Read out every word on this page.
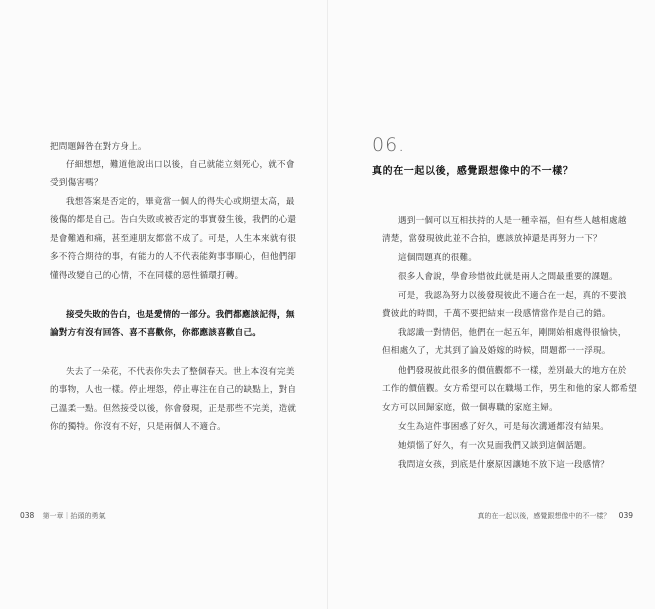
把問題歸咎在對方身上。

仔細想想，難道他說出口以後，自己就能立刻死心，就不會

受到傷害嗎？

我想答案是否定的，畢竟當一個人的得失心或期望太高，最

後傷的都是自己。告白失敗或被否定的事實發生後，我們的心還
是會難過和痛，甚至連朋友都當不成了。可是，人生本來就有很
多不符合期待的事，有能力的人不代表能夠事事順心，但他們卻
懂得改變自己的心情，不在同樣的惡性循環打轉。

接受失敗的告白，也是愛情的一部分。我們都應該記得，無

論對方有沒有回答、喜不喜歡你，你都應該喜歡自己。

失去了一朵花，不代表你失去了整個春天。世上本沒有完美

的事物，人也一樣。停止埋怨，停止專注在自己的缺點上，對自
己溫柔一點。但然接受以後，你會發現，正是那些不完美，造就
你的獨特。你沒有不好，只是兩個人不適合。

038 第一章｜抬頭的勇氣
06.
真的在一起以後，感覺跟想像中的不一樣？

遇到一個可以互相扶持的人是一種幸福，但有些人越相處越

清楚，當發現彼此並不合拍，應該放掉還是再努力一下？

這個問題真的很難。

很多人會說，學會珍惜彼此就是兩人之間最重要的課題。

可是，我認為努力以後發現彼此不適合在一起，真的不要浪

費彼此的時間，千萬不要把結束一段感情當作是自己的錯。

我認識一對情侶，他們在一起五年，剛開始相處得很愉快，

但相處久了，尤其到了論及婚嫁的時候，問題都一一浮現。

他們發現彼此很多的價值觀都不一樣，差別最大的地方在於

工作的價值觀。女方希望可以在職場工作，男生和他的家人都希望
女方可以回歸家庭，做一個專職的家庭主婦。

女生為這件事困惑了好久，可是每次溝通都沒有結果。

她煩惱了好久，有一次見面我們又談到這個話題。

我問這女孩，到底是什麼原因讓她不放下這一段感情？

真的在一起以後，感覺跟想像中的不一樣？ 039
